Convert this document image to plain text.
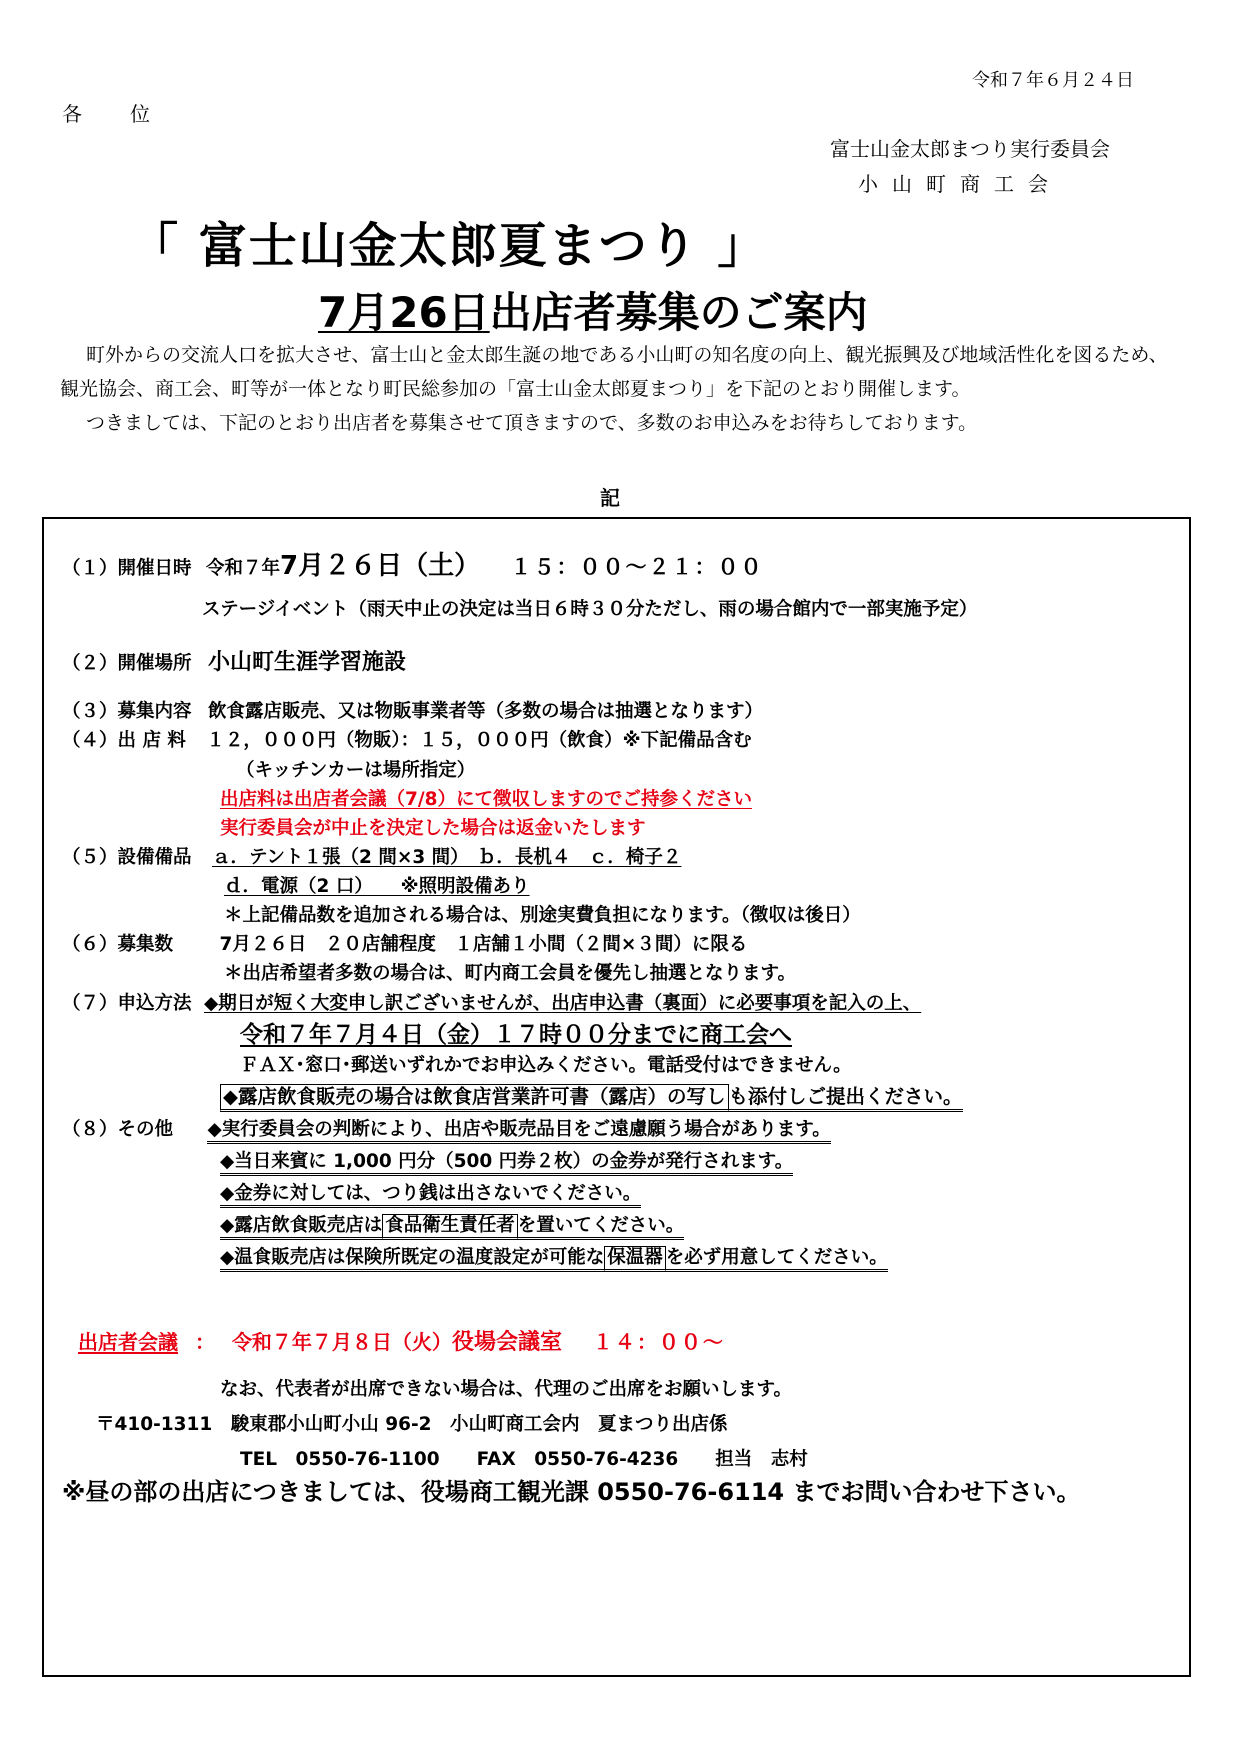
令和７年６月２４日
各位
富士山金太郎まつり実行委員会
小山町商工会
「 富士山金太郎夏まつり 」
7月26日出店者募集のご案内

町外からの交流人口を拡大させ、富士山と金太郎生誕の地である小山町の知名度の向上、観光振興及び地域活性化を図るため、観光協会、商工会、町等が一体となり町民総参加の「富士山金太郎夏まつり」を下記のとおり開催します。

つきましては、下記のとおり出店者を募集させて頂きますので、多数のお申込みをお待ちしております。

記
（１）開催日時 令和７年7月２６日（土） １５：００～２１：００
ステージイベント（雨天中止の決定は当日６時３０分ただし、雨の場合館内で一部実施予定）
（２）開催場所 小山町生涯学習施設
（３）募集内容 飲食露店販売、又は物販事業者等（多数の場合は抽選となります）
（４）出 店 料 １２，０００円（物販）：１５，０００円（飲食）※下記備品含む
（キッチンカーは場所指定）
出店料は出店者会議（7/8）にて徴収しますのでご持参ください
実行委員会が中止を決定した場合は返金いたします
（５）設備備品 ａ．テント１張（2 間×3 間）　ｂ．長机４　ｃ．椅子２
ｄ．電源（2 口）　　※照明設備あり
＊上記備品数を追加される場合は、別途実費負担になります。（徴収は後日）
（６）募集数	7月２６日　２０店舗程度　１店舗１小間（２間×３間）に限る
＊出店希望者多数の場合は、町内商工会員を優先し抽選となります。
（７）申込方法 ◆期日が短く大変申し訳ございませんが、出店申込書（裏面）に必要事項を記入の上、
令和７年７月４日（金）１７時００分までに商工会へ
ＦＡＸ･窓口･郵送いずれかでお申込みください。電話受付はできません。
◆露店飲食販売の場合は飲食店営業許可書（露店）の写し も添付しご提出ください。
（８）その他 ◆実行委員会の判断により、出店や販売品目をご遠慮願う場合があります。
◆当日来賓に 1,000 円分（500 円券２枚）の金券が発行されます。
◆金券に対しては、つり銭は出さないでください。
◆露店飲食販売店は 食品衛生責任者 を置いてください。
◆温食販売店は保険所既定の温度設定が可能な 保温器 を必ず用意してください。
出店者会議 ： 令和７年７月８日（火）役場会議室 １４：００～
なお、代表者が出席できない場合は、代理のご出席をお願いします。
〒410-1311　駿東郡小山町小山 96-2　小山町商工会内　夏まつり出店係
TEL　0550-76-1100　　FAX　0550-76-4236　　担当　志村
※昼の部の出店につきましては、役場商工観光課 0550-76-6114 までお問い合わせ下さい。
